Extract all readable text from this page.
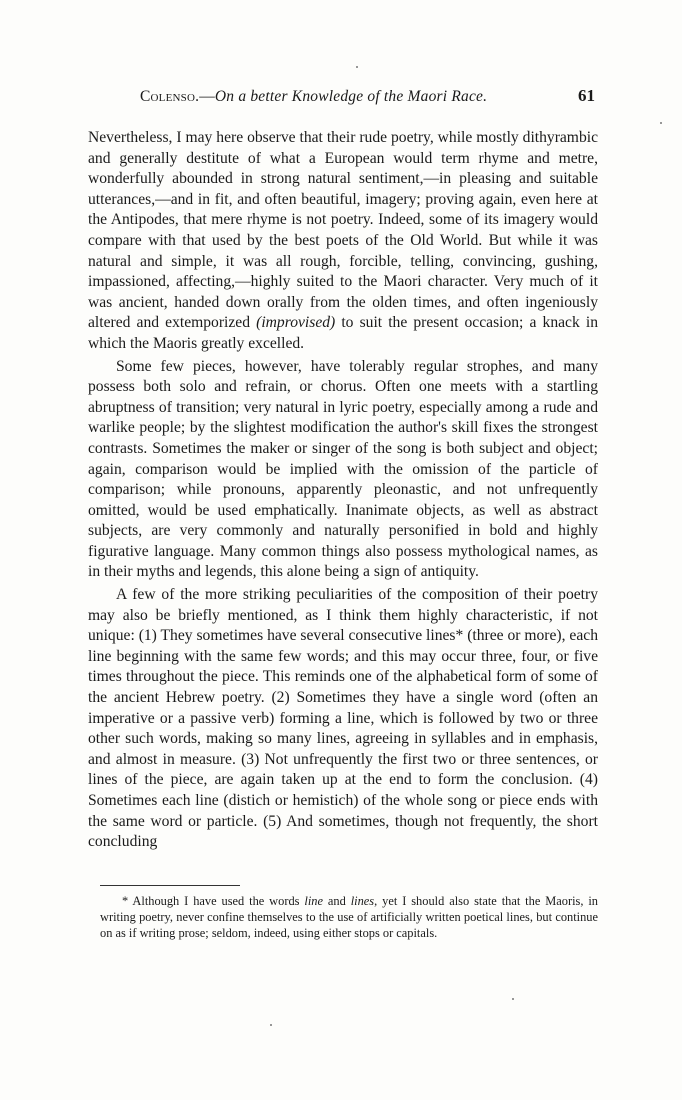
Colenso.—On a better Knowledge of the Maori Race.	61

Nevertheless, I may here observe that their rude poetry, while mostly dithyrambic and generally destitute of what a European would term rhyme and metre, wonderfully abounded in strong natural sentiment,—in pleasing and suitable utterances,—and in fit, and often beautiful, imagery; proving again, even here at the Antipodes, that mere rhyme is not poetry. Indeed, some of its imagery would compare with that used by the best poets of the Old World. But while it was natural and simple, it was all rough, forcible, telling, convincing, gushing, impassioned, affecting,—highly suited to the Maori character. Very much of it was ancient, handed down orally from the olden times, and often ingeniously altered and extemporized (improvised) to suit the present occasion; a knack in which the Maoris greatly excelled.

Some few pieces, however, have tolerably regular strophes, and many possess both solo and refrain, or chorus. Often one meets with a startling abruptness of transition; very natural in lyric poetry, especially among a rude and warlike people; by the slightest modification the author's skill fixes the strongest contrasts. Sometimes the maker or singer of the song is both subject and object; again, comparison would be implied with the omission of the particle of comparison; while pronouns, apparently pleonastic, and not unfrequently omitted, would be used emphatically. Inanimate objects, as well as abstract subjects, are very commonly and naturally personified in bold and highly figurative language. Many common things also possess mythological names, as in their myths and legends, this alone being a sign of antiquity.

A few of the more striking peculiarities of the composition of their poetry may also be briefly mentioned, as I think them highly characteristic, if not unique: (1) They sometimes have several consecutive lines* (three or more), each line beginning with the same few words; and this may occur three, four, or five times throughout the piece. This reminds one of the alphabetical form of some of the ancient Hebrew poetry. (2) Sometimes they have a single word (often an imperative or a passive verb) forming a line, which is followed by two or three other such words, making so many lines, agreeing in syllables and in emphasis, and almost in measure. (3) Not unfrequently the first two or three sentences, or lines of the piece, are again taken up at the end to form the conclusion. (4) Sometimes each line (distich or hemistich) of the whole song or piece ends with the same word or particle. (5) And sometimes, though not frequently, the short concluding

* Although I have used the words line and lines, yet I should also state that the Maoris, in writing poetry, never confine themselves to the use of artificially written poetical lines, but continue on as if writing prose; seldom, indeed, using either stops or capitals.
